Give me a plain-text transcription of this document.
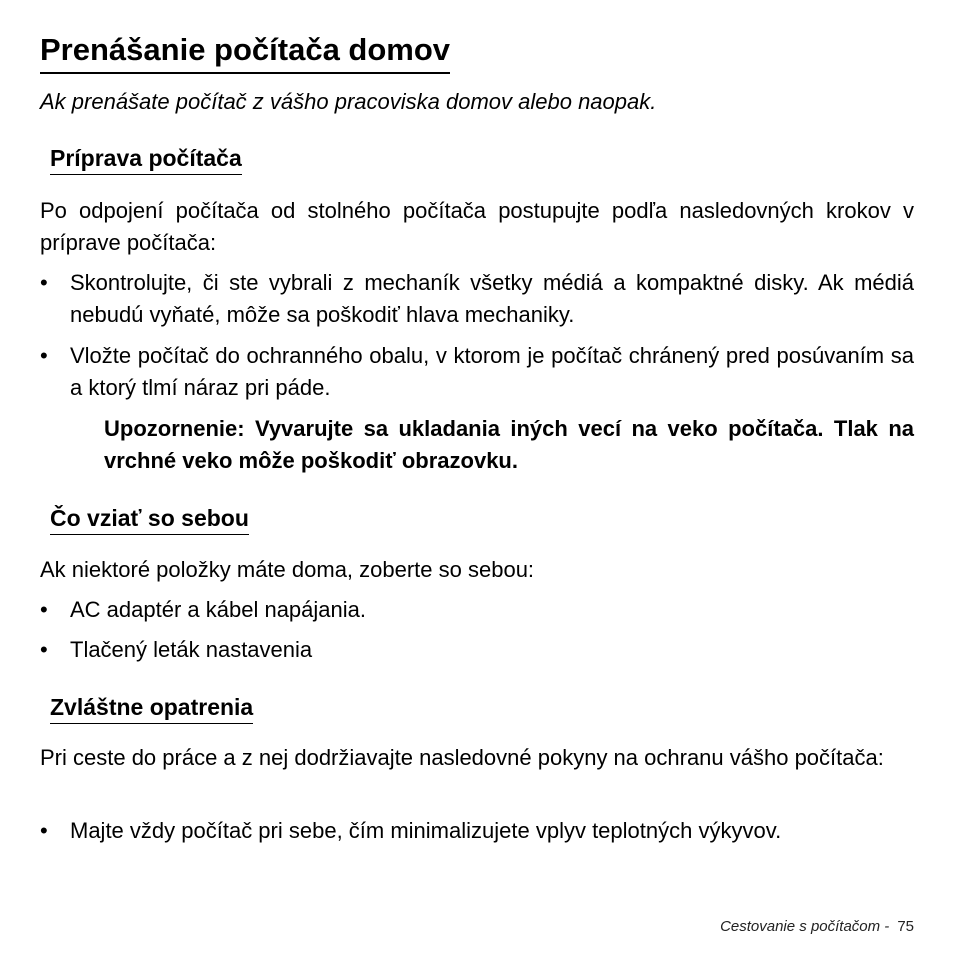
Prenášanie počítača domov

Ak prenášate počítač z vášho pracoviska domov alebo naopak.

Príprava počítača

Po odpojení počítača od stolného počítača postupujte podľa nasledovných krokov v príprave počítača:

•	Skontrolujte, či ste vybrali z mechaník všetky médiá a kompaktné disky. Ak médiá nebudú vyňaté, môže sa poškodiť hlava mechaniky.
•	Vložte počítač do ochranného obalu, v ktorom je počítač chránený pred posúvaním sa a ktorý tlmí náraz pri páde.

Upozornenie: Vyvarujte sa ukladania iných vecí na veko počítača. Tlak na vrchné veko môže poškodiť obrazovku.

Čo vziať so sebou

Ak niektoré položky máte doma, zoberte so sebou:

•	AC adaptér a kábel napájania.
•	Tlačený leták nastavenia
Zvláštne opatrenia

Pri ceste do práce a z nej dodržiavajte nasledovné pokyny na ochranu vášho počítača:

•	Majte vždy počítač pri sebe, čím minimalizujete vplyv teplotných výkyvov.

Cestovanie s počítačom - 75
